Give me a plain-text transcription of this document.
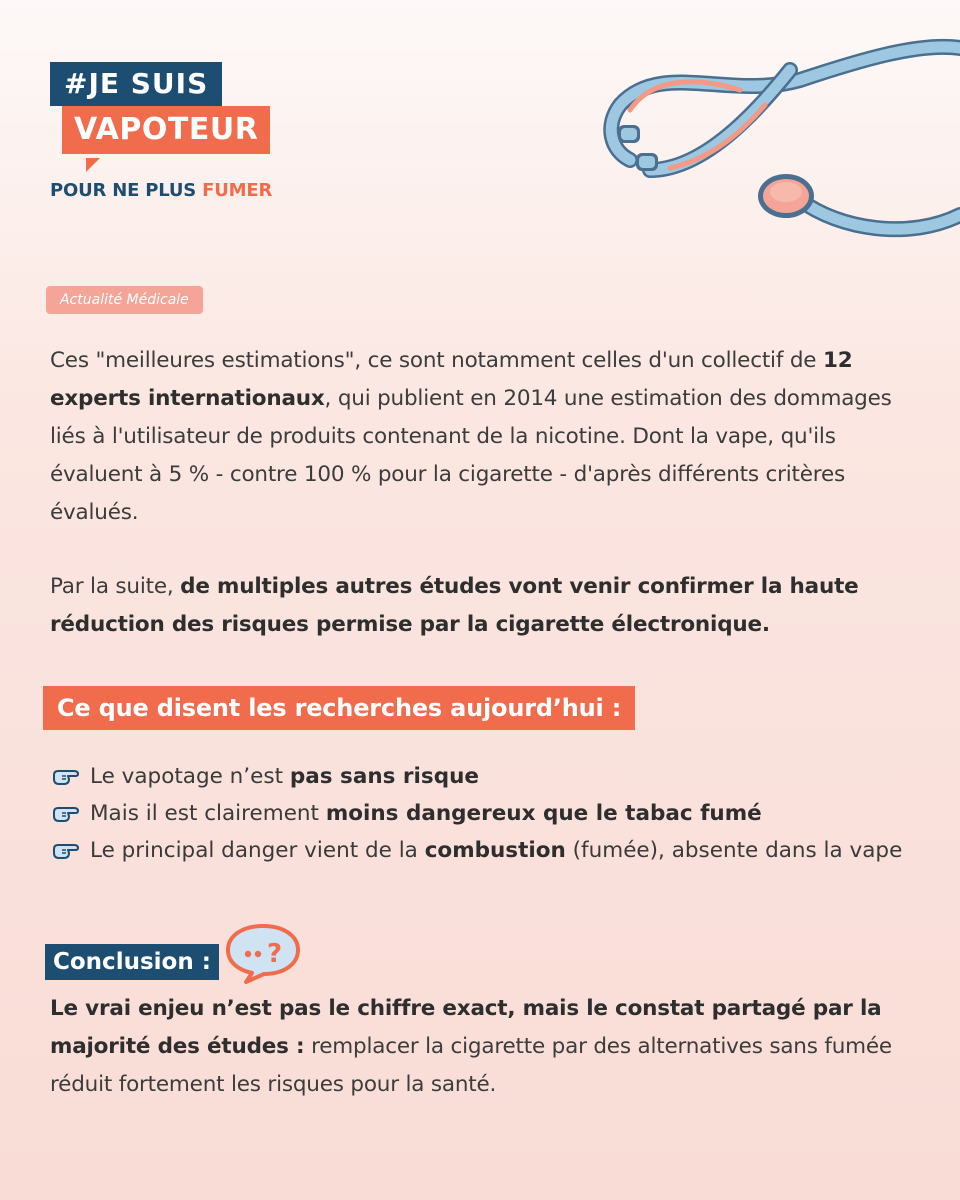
#JE SUIS
VAPOTEUR
POUR NE PLUS FUMER
Actualité Médicale
Ces "meilleures estimations", ce sont notamment celles d'un collectif de 12 experts internationaux, qui publient en 2014 une estimation des dommages liés à l'utilisateur de produits contenant de la nicotine. Dont la vape, qu'ils évaluent à 5 % - contre 100 % pour la cigarette - d'après différents critères évalués.
Par la suite, de multiples autres études vont venir confirmer la haute réduction des risques permise par la cigarette électronique.
Ce que disent les recherches aujourd’hui :
Le vapotage n’est pas sans risque
Mais il est clairement moins dangereux que le tabac fumé
Le principal danger vient de la combustion (fumée), absente dans la vape
Conclusion :	?
Le vrai enjeu n’est pas le chiffre exact, mais le constat partagé par la majorité des études : remplacer la cigarette par des alternatives sans fumée réduit fortement les risques pour la santé.
